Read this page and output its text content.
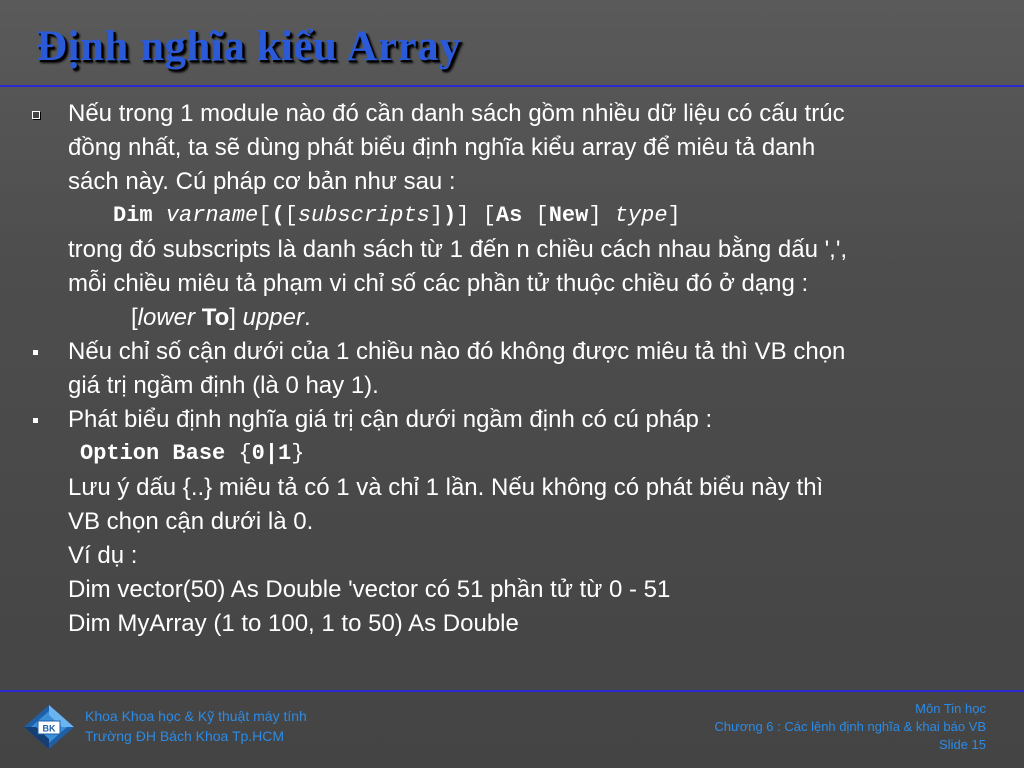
Định nghĩa kiểu Array
Nếu trong 1 module nào đó cần danh sách gồm nhiều dữ liệu có cấu trúc
đồng nhất, ta sẽ dùng phát biểu định nghĩa kiểu array để miêu tả danh
sách này. Cú pháp cơ bản như sau :
Dim varname[([subscripts])] [As [New] type]
trong đó subscripts là danh sách từ 1 đến n chiều cách nhau bằng dấu ',',
mỗi chiều miêu tả phạm vi chỉ số các phần tử thuộc chiều đó ở dạng :
[lower To] upper.
Nếu chỉ số cận dưới của 1 chiều nào đó không được miêu tả thì VB chọn
giá trị ngầm định (là 0 hay 1).
Phát biểu định nghĩa giá trị cận dưới ngầm định có cú pháp :
Option Base {0|1}
Lưu ý dấu {..} miêu tả có 1 và chỉ 1 lần. Nếu không có phát biểu này thì
VB chọn cận dưới là 0.
Ví dụ :
Dim vector(50) As Double 'vector có 51 phần tử từ 0 - 51
Dim MyArray (1 to 100, 1 to 50) As Double
BK
Khoa Khoa học & Kỹ thuật máy tính
Trường ĐH Bách Khoa Tp.HCM
Môn Tin học
Chương 6 : Các lệnh định nghĩa & khai báo VB
Slide 15
